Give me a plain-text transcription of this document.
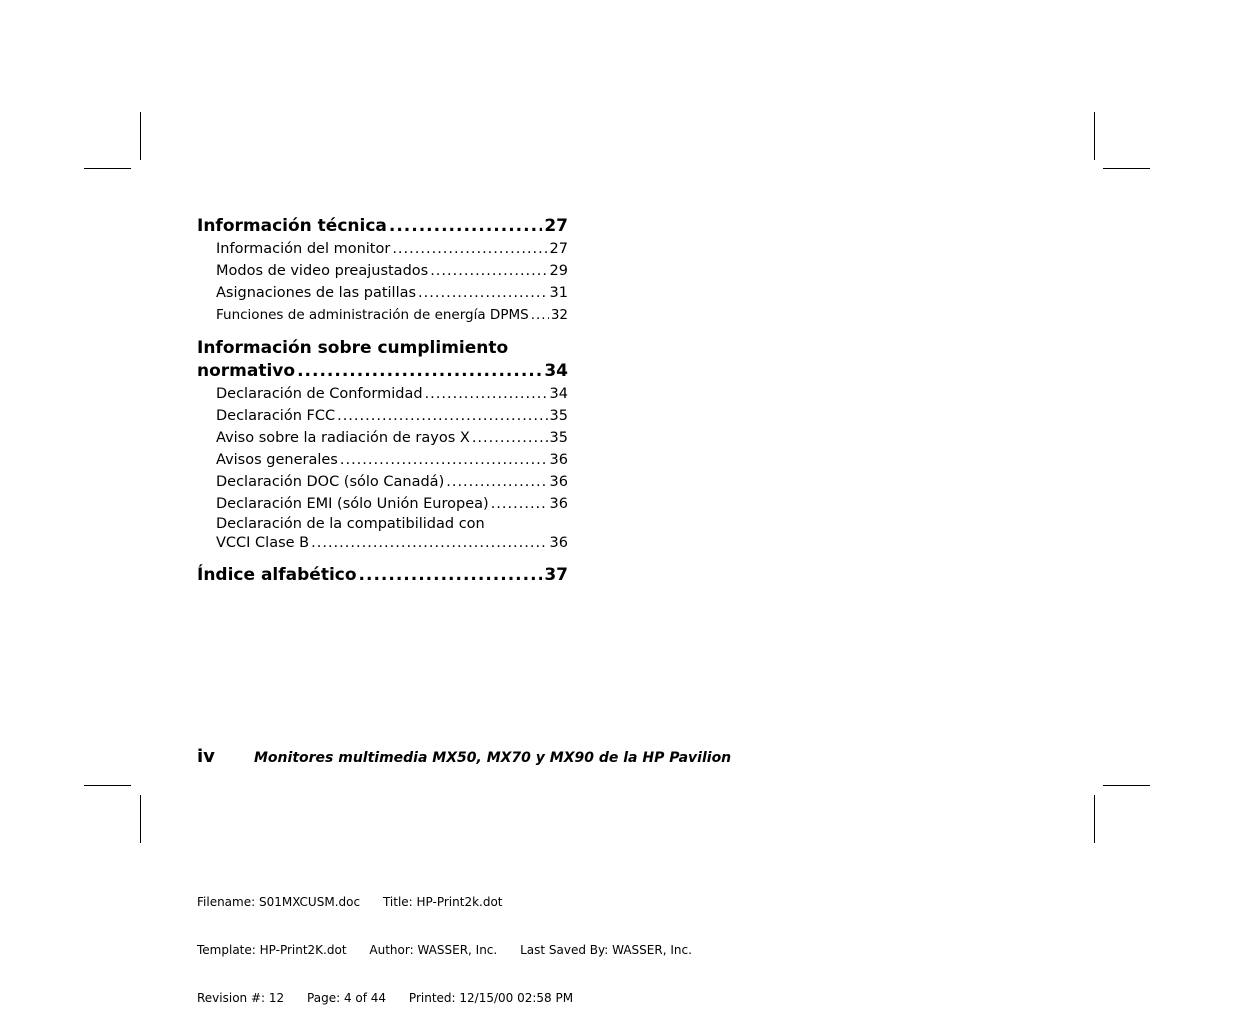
Información técnica .....	27
Información del monitor .....	27
Modos de video preajustados .....	29
Asignaciones de las patillas .....	31
Funciones de administración de energía DPMS ..... 32
Información sobre cumplimiento
normativo .....	34
Declaración de Conformidad .....	34
Declaración FCC .....	35
Aviso sobre la radiación de rayos X .....	35
Avisos generales .....	36
Declaración DOC (sólo Canadá) .....	36
Declaración EMI (sólo Unión Europea) .....	36
Declaración de la compatibilidad con
VCCI Clase B .....	36
Índice alfabético .....	37
iv	Monitores multimedia MX50, MX70 y MX90 de la HP Pavilion

Filename: S01MXCUSM.doc      Title: HP-Print2k.dot

Template: HP-Print2K.dot      Author: WASSER, Inc.      Last Saved By: WASSER, Inc.

Revision #: 12      Page: 4 of 44      Printed: 12/15/00 02:58 PM
